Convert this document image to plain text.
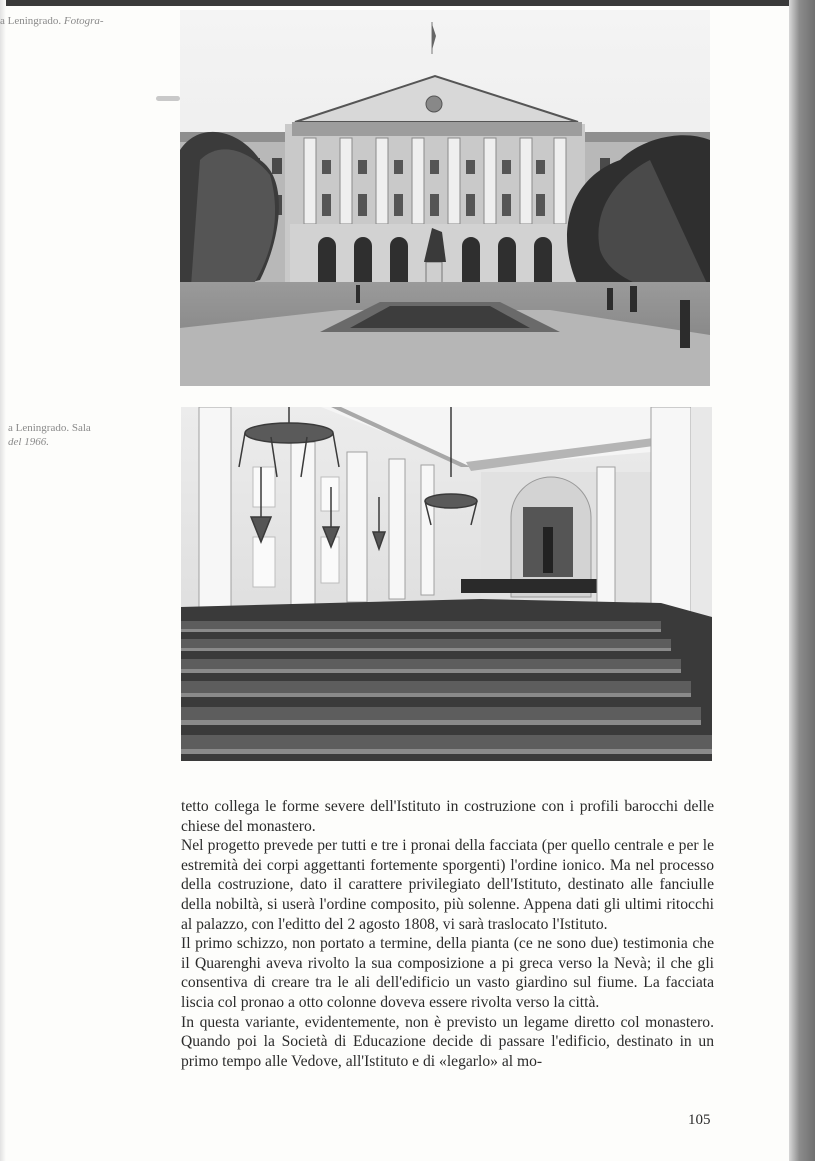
a Leningrado. Fotogra-
a Leningrado. Sala
del 1966.

tetto collega le forme severe dell'Istituto in costruzione con i profili barocchi delle chiese del monastero.

Nel progetto prevede per tutti e tre i pronai della facciata (per quello centrale e per le estremità dei corpi aggettanti fortemente sporgenti) l'ordine ionico. Ma nel processo della costruzione, dato il carattere privilegiato dell'Istituto, destinato alle fanciulle della nobiltà, si userà l'ordine composito, più solenne. Appena dati gli ultimi ritocchi al palazzo, con l'editto del 2 agosto 1808, vi sarà traslocato l'Istituto.

Il primo schizzo, non portato a termine, della pianta (ce ne sono due) testimonia che il Quarenghi aveva rivolto la sua composizione a pi greca verso la Nevà; il che gli consentiva di creare tra le ali dell'edificio un vasto giardino sul fiume. La facciata liscia col pronao a otto colonne doveva essere rivolta verso la città.

In questa variante, evidentemente, non è previsto un legame diretto col monastero. Quando poi la Società di Educazione decide di passare l'edificio, destinato in un primo tempo alle Vedove, all'Istituto e di «legarlo» al mo-

105
